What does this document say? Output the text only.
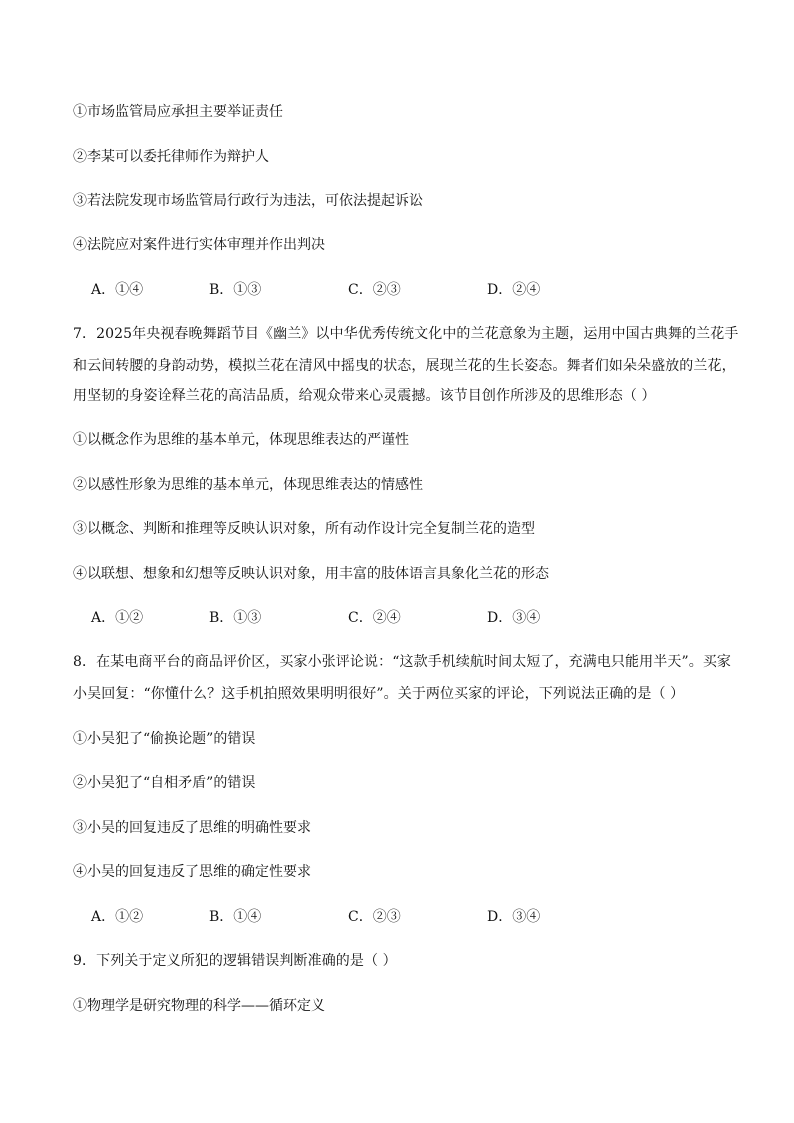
①市场监管局应承担主要举证责任
②李某可以委托律师作为辩护人
③若法院发现市场监管局行政行为违法，可依法提起诉讼
④法院应对案件进行实体审理并作出判决
A．①④	B．①③	C．②③	D．②④
7．2025年央视春晚舞蹈节目《幽兰》以中华优秀传统文化中的兰花意象为主题，运用中国古典舞的兰花手
和云间转腰的身韵动势，模拟兰花在清风中摇曳的状态，展现兰花的生长姿态。舞者们如朵朵盛放的兰花，
用坚韧的身姿诠释兰花的高洁品质，给观众带来心灵震撼。该节目创作所涉及的思维形态（ ）
①以概念作为思维的基本单元，体现思维表达的严谨性
②以感性形象为思维的基本单元，体现思维表达的情感性
③以概念、判断和推理等反映认识对象，所有动作设计完全复制兰花的造型
④以联想、想象和幻想等反映认识对象，用丰富的肢体语言具象化兰花的形态
A．①②	B．①③	C．②④	D．③④
8．在某电商平台的商品评价区，买家小张评论说：“这款手机续航时间太短了，充满电只能用半天”。买家
小吴回复：“你懂什么？这手机拍照效果明明很好”。关于两位买家的评论，下列说法正确的是（ ）
①小吴犯了“偷换论题”的错误
②小吴犯了“自相矛盾”的错误
③小吴的回复违反了思维的明确性要求
④小吴的回复违反了思维的确定性要求
A．①②	B．①④	C．②③	D．③④
9．下列关于定义所犯的逻辑错误判断准确的是（ ）
①物理学是研究物理的科学——循环定义
